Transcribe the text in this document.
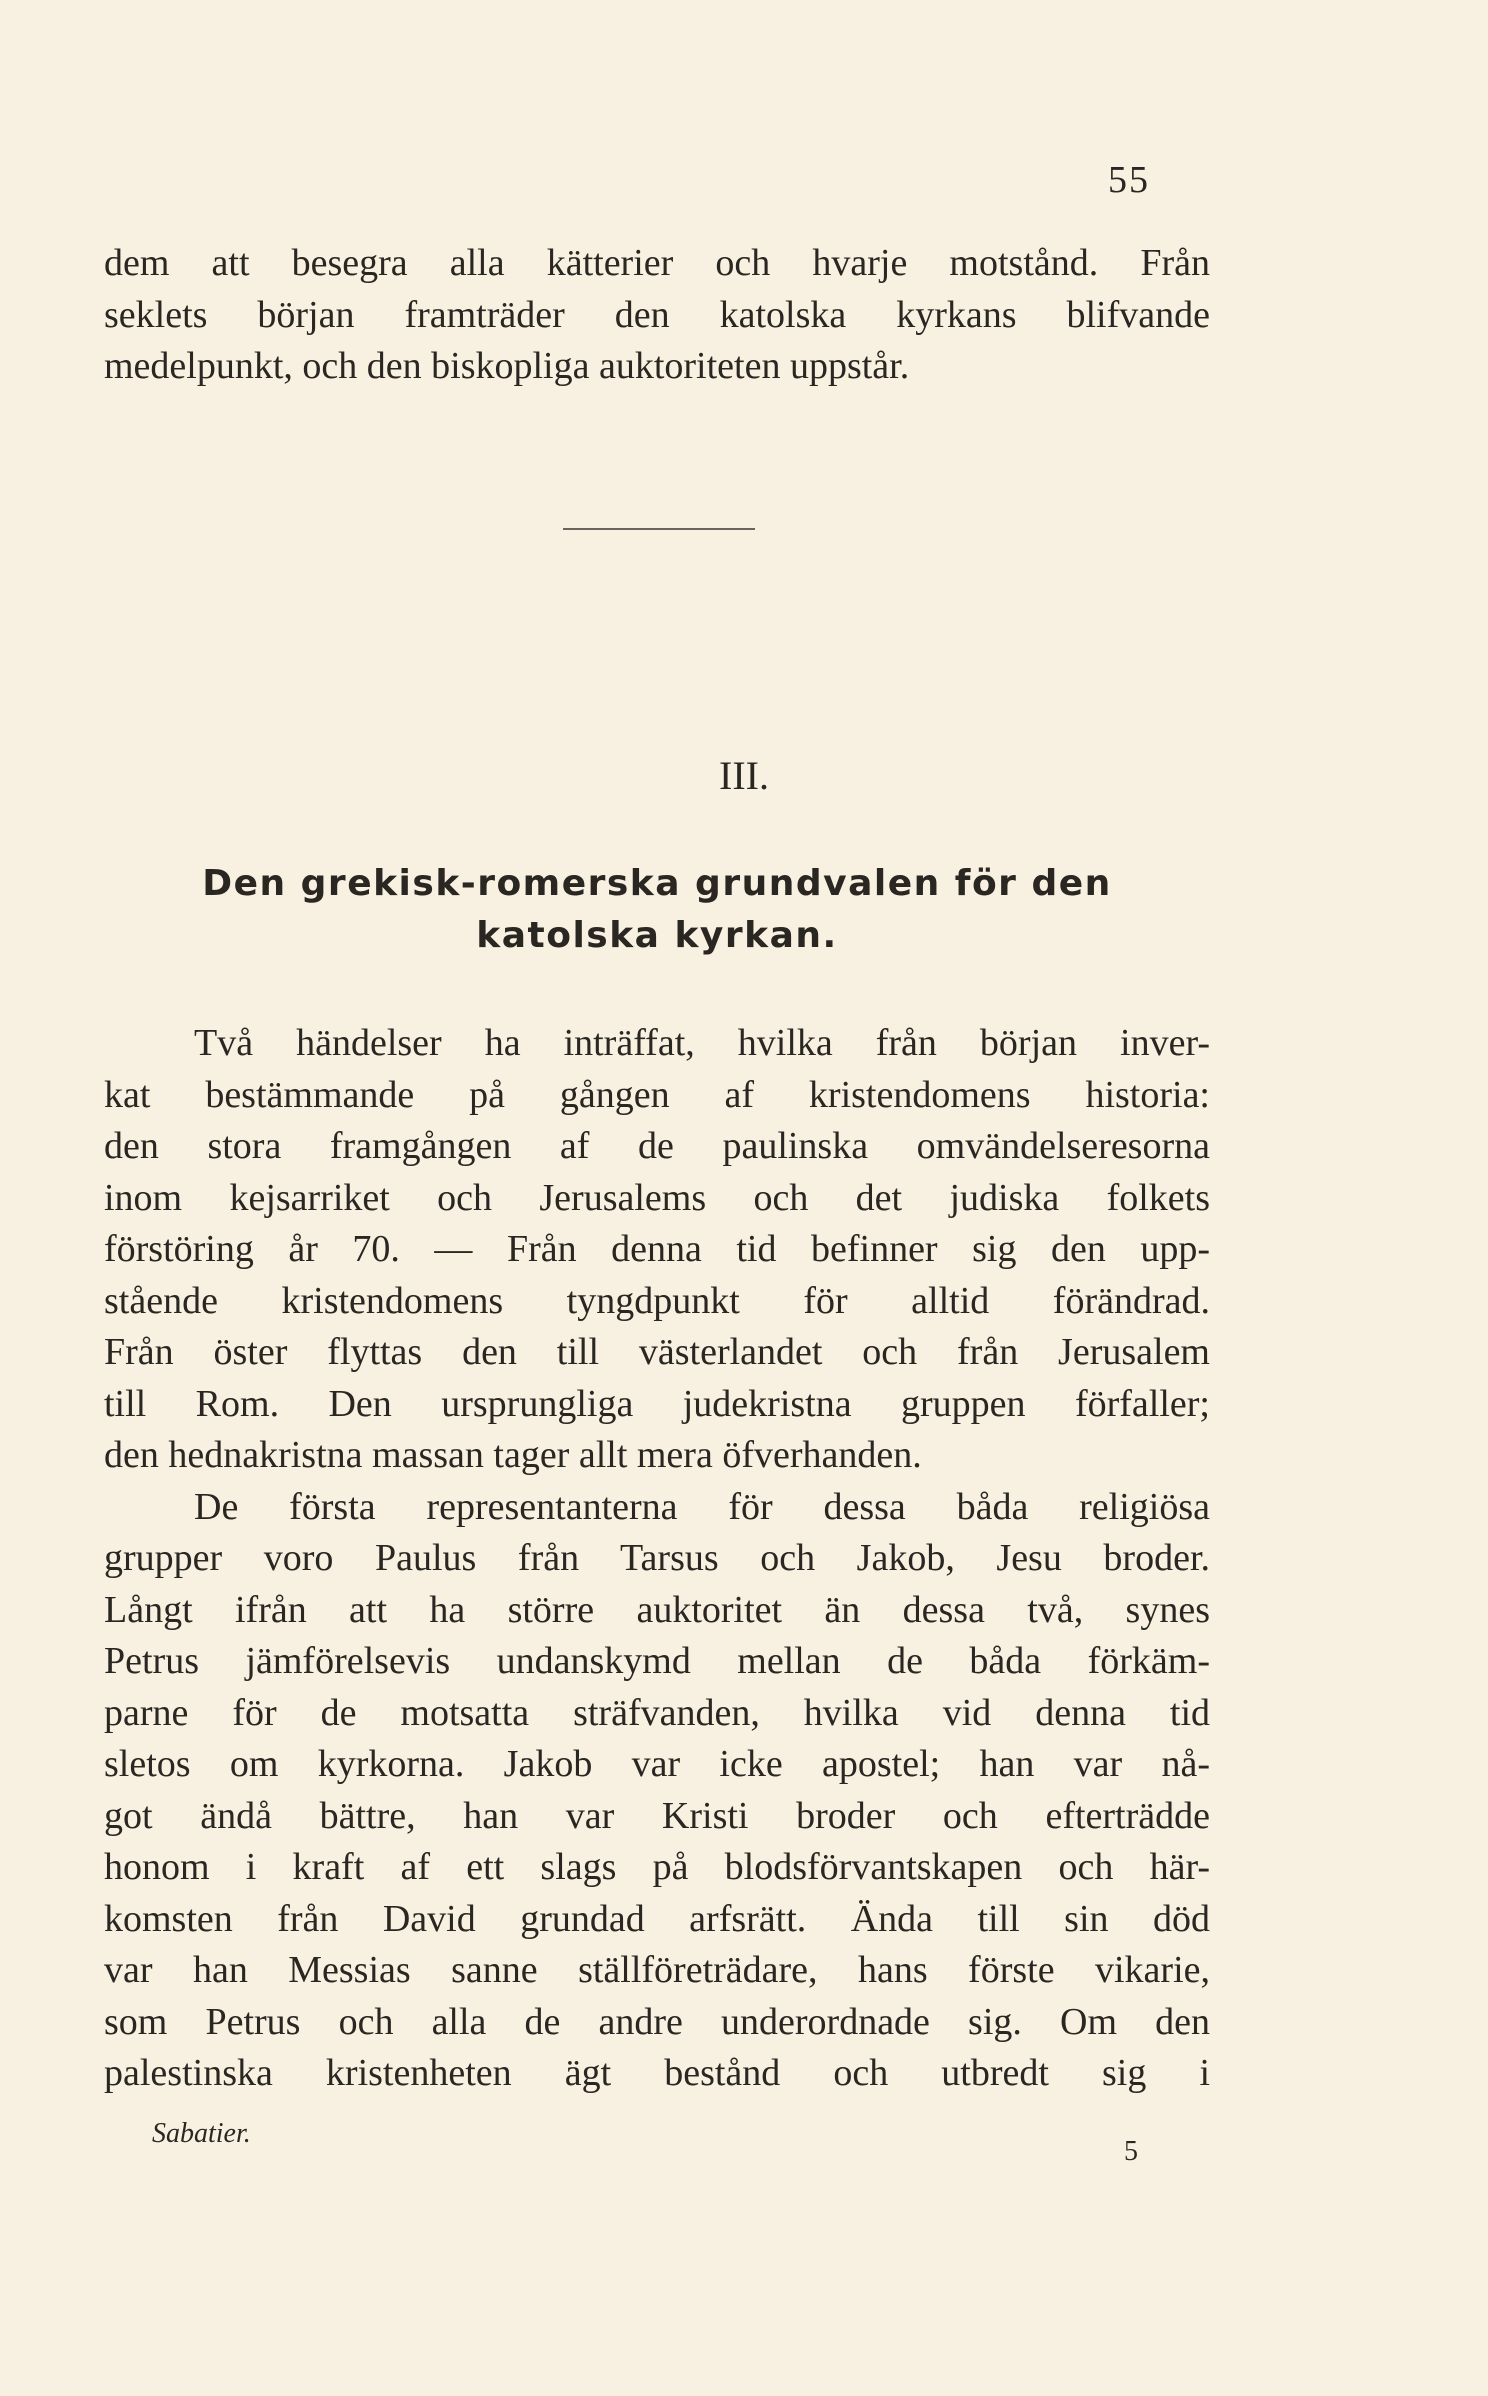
55
dem att besegra alla kätterier och hvarje motstånd. Från
seklets början framträder den katolska kyrkans blifvande
medelpunkt, och den biskopliga auktoriteten uppstår.
III.
Den grekisk-romerska grundvalen för den
katolska kyrkan.
Två händelser ha inträffat, hvilka från början inver-
kat bestämmande på gången af kristendomens historia:
den stora framgången af de paulinska omvändelseresorna
inom kejsarriket och Jerusalems och det judiska folkets
förstöring år 70. — Från denna tid befinner sig den upp-
stående kristendomens tyngdpunkt för alltid förändrad.
Från öster flyttas den till västerlandet och från Jerusalem
till Rom. Den ursprungliga judekristna gruppen förfaller;
den hednakristna massan tager allt mera öfverhanden.
De första representanterna för dessa båda religiösa
grupper voro Paulus från Tarsus och Jakob, Jesu broder.
Långt ifrån att ha större auktoritet än dessa två, synes
Petrus jämförelsevis undanskymd mellan de båda förkäm-
parne för de motsatta sträfvanden, hvilka vid denna tid
sletos om kyrkorna. Jakob var icke apostel; han var nå-
got ändå bättre, han var Kristi broder och efterträdde
honom i kraft af ett slags på blodsförvantskapen och här-
komsten från David grundad arfsrätt. Ända till sin död
var han Messias sanne ställföreträdare, hans förste vikarie,
som Petrus och alla de andre underordnade sig. Om den
palestinska kristenheten ägt bestånd och utbredt sig i
Sabatier.
5
